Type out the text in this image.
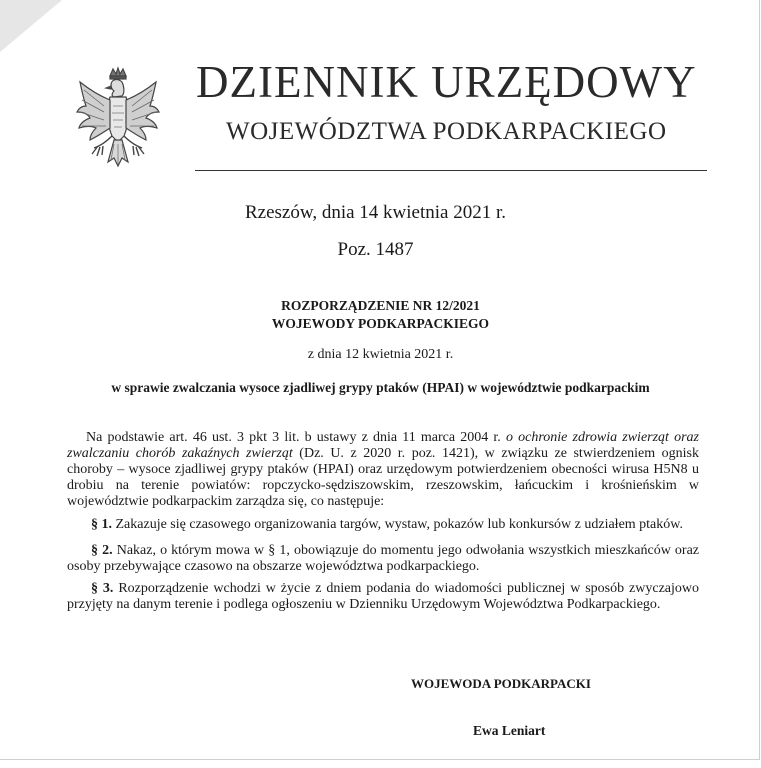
DZIENNIK URZĘDOWY
WOJEWÓDZTWA PODKARPACKIEGO
Rzeszów, dnia 14 kwietnia 2021 r.
Poz. 1487
ROZPORZĄDZENIE NR 12/2021
WOJEWODY PODKARPACKIEGO
z dnia 12 kwietnia 2021 r.
w sprawie zwalczania wysoce zjadliwej grypy ptaków (HPAI) w województwie podkarpackim
Na podstawie art. 46 ust. 3 pkt 3 lit. b ustawy z dnia 11 marca 2004 r. o ochronie zdrowia zwierząt oraz zwalczaniu chorób zakaźnych zwierząt (Dz. U. z 2020 r. poz. 1421), w związku ze stwierdzeniem ognisk choroby – wysoce zjadliwej grypy ptaków (HPAI) oraz urzędowym potwierdzeniem obecności wirusa H5N8 u drobiu na terenie powiatów: ropczycko-sędziszowskim, rzeszowskim, łańcuckim i krośnieńskim w województwie podkarpackim zarządza się, co następuje:
§ 1. Zakazuje się czasowego organizowania targów, wystaw, pokazów lub konkursów z udziałem ptaków.
§ 2. Nakaz, o którym mowa w § 1, obowiązuje do momentu jego odwołania wszystkich mieszkańców oraz osoby przebywające czasowo na obszarze województwa podkarpackiego.
§ 3. Rozporządzenie wchodzi w życie z dniem podania do wiadomości publicznej w sposób zwyczajowo przyjęty na danym terenie i podlega ogłoszeniu w Dzienniku Urzędowym Województwa Podkarpackiego.
WOJEWODA PODKARPACKI
Ewa Leniart
